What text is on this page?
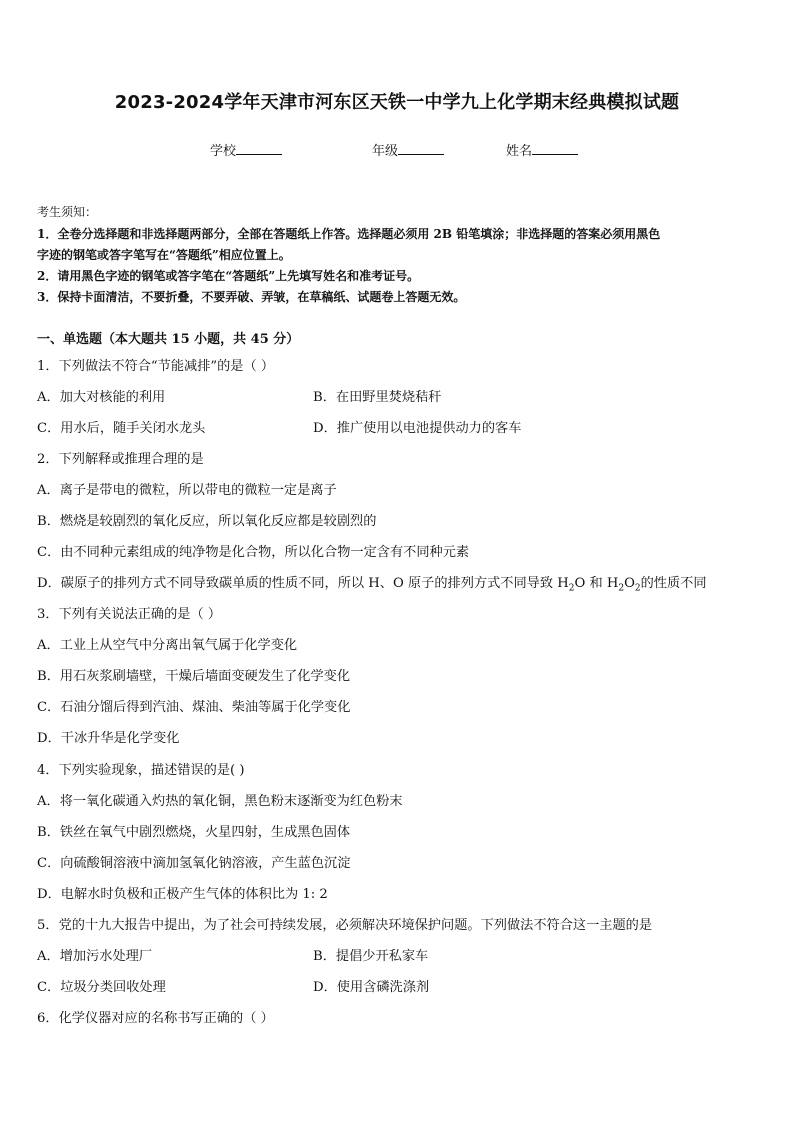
2023-2024学年天津市河东区天铁一中学九上化学期末经典模拟试题
学校	年级	姓名
考生须知：
1．全卷分选择题和非选择题两部分，全部在答题纸上作答。选择题必须用 2B 铅笔填涂；非选择题的答案必须用黑色
字迹的钢笔或答字笔写在“答题纸”相应位置上。
2．请用黑色字迹的钢笔或答字笔在“答题纸”上先填写姓名和准考证号。
3．保持卡面清洁，不要折叠，不要弄破、弄皱，在草稿纸、试题卷上答题无效。
一、单选题（本大题共 15 小题，共 45 分）
1．下列做法不符合“节能减排”的是（ ）
A．加大对核能的利用	B．在田野里焚烧秸秆
C．用水后，随手关闭水龙头	D．推广使用以电池提供动力的客车
2．下列解释或推理合理的是
A．离子是带电的微粒，所以带电的微粒一定是离子
B．燃烧是较剧烈的氧化反应，所以氧化反应都是较剧烈的
C．由不同种元素组成的纯净物是化合物，所以化合物一定含有不同种元素
D．碳原子的排列方式不同导致碳单质的性质不同，所以 H、O 原子的排列方式不同导致 $H_2O$ 和 $H_2O_2$的性质不同
3．下列有关说法正确的是（ ）
A．工业上从空气中分离出氧气属于化学变化
B．用石灰浆刷墙壁，干燥后墙面变硬发生了化学变化
C．石油分馏后得到汽油、煤油、柴油等属于化学变化
D．干冰升华是化学变化
4．下列实验现象，描述错误的是( )
A．将一氧化碳通入灼热的氧化铜，黑色粉末逐渐变为红色粉末
B．铁丝在氧气中剧烈燃烧，火星四射，生成黑色固体
C．向硫酸铜溶液中滴加氢氧化钠溶液，产生蓝色沉淀
D．电解水时负极和正极产生气体的体积比为 1: 2
5．党的十九大报告中提出，为了社会可持续发展，必须解决环境保护问题。下列做法不符合这一主题的是
A．增加污水处理厂	B．提倡少开私家车
C．垃圾分类回收处理	D．使用含磷洗涤剂
6．化学仪器对应的名称书写正确的（ ）
